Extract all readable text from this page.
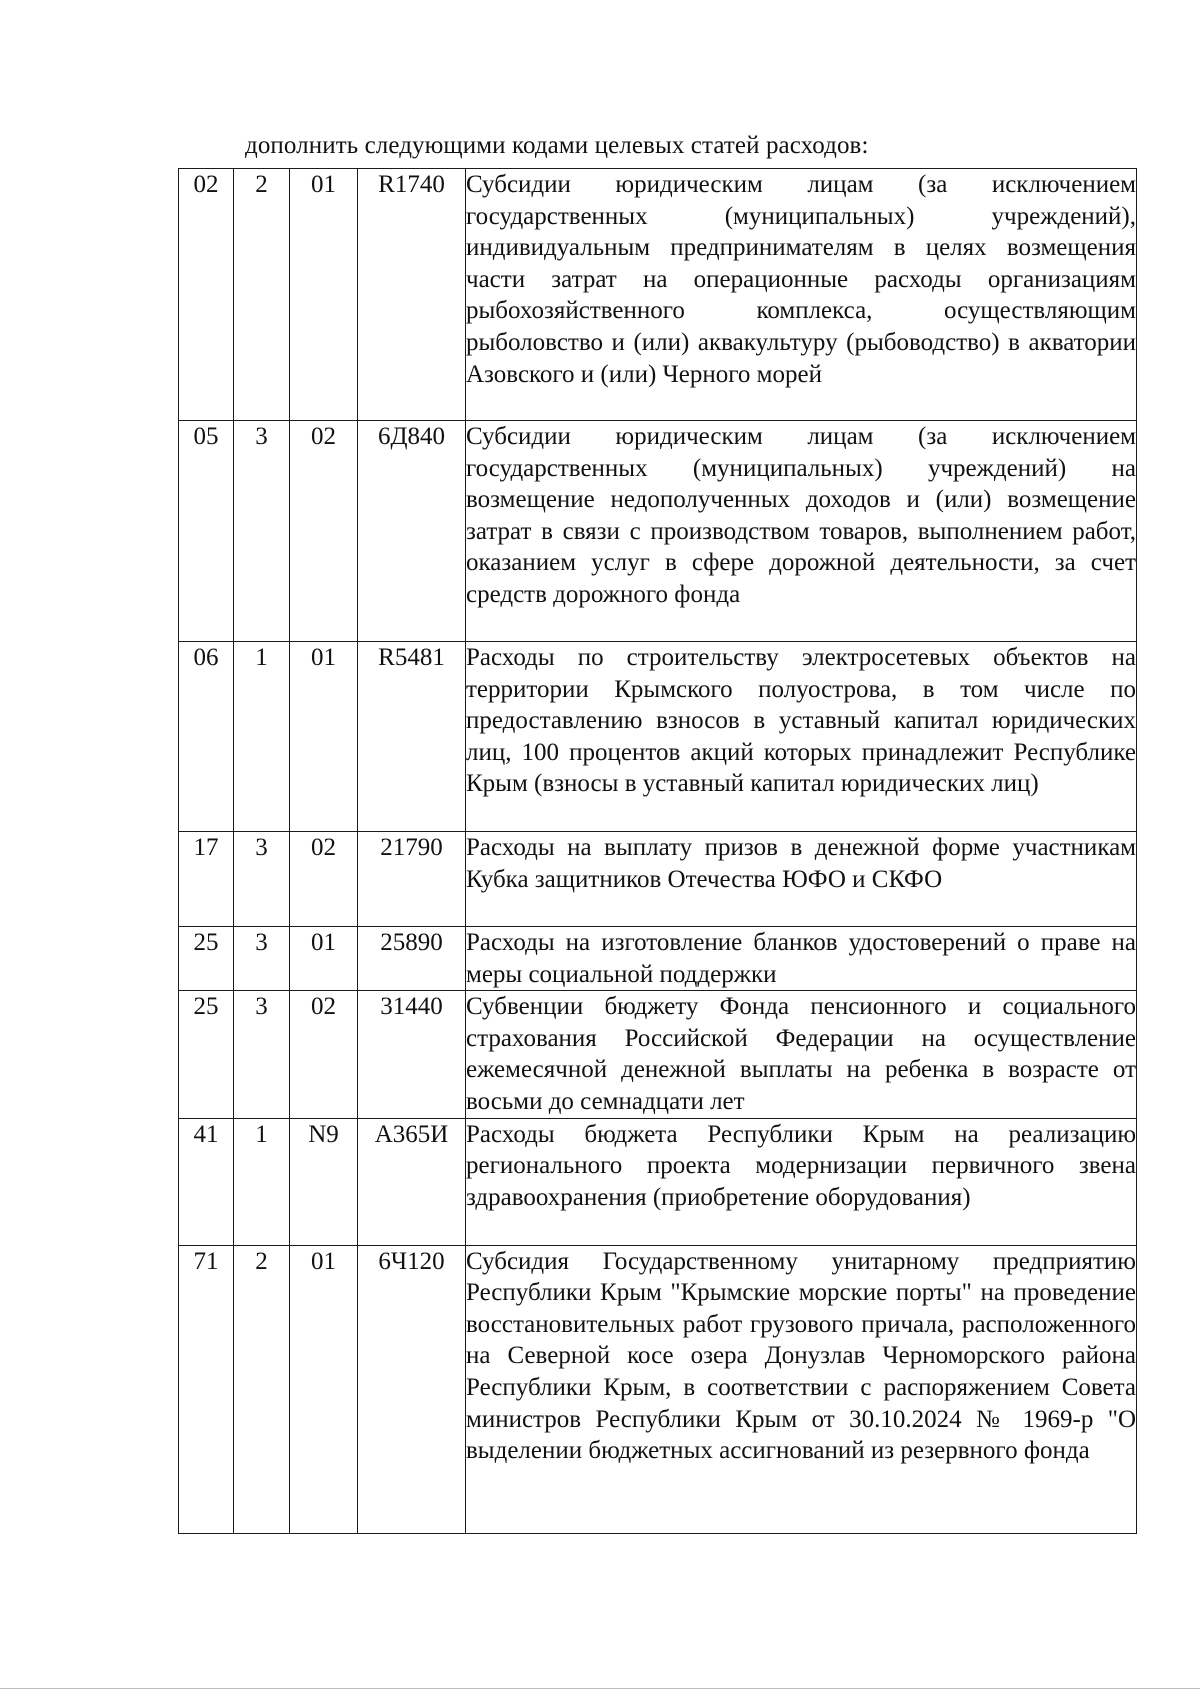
дополнить следующими кодами целевых статей расходов:
02	2	01	R1740	Субсидии юридическим лицам (за исключением государственных (муниципальных) учреждений), индивидуальным предпринимателям в целях возмещения части затрат на операционные расходы организациям рыбохозяйственного комплекса, осуществляющим рыболовство и (или) аквакультуру (рыбоводство) в акватории Азовского и (или) Черного морей
05	3	02	6Д840	Субсидии юридическим лицам (за исключением государственных (муниципальных) учреждений) на возмещение недополученных доходов и (или) возмещение затрат в связи с производством товаров, выполнением работ, оказанием услуг в сфере дорожной деятельности, за счет средств дорожного фонда
06	1	01	R5481	Расходы по строительству электросетевых объектов на территории Крымского полуострова, в том числе по предоставлению взносов в уставный капитал юридических лиц, 100 процентов акций которых принадлежит Республике Крым (взносы в уставный капитал юридических лиц)
17	3	02	21790	Расходы на выплату призов в денежной форме участникам Кубка защитников Отечества ЮФО и СКФО
25	3	01	25890	Расходы на изготовление бланков удостоверений о праве на меры социальной поддержки
25	3	02	31440	Субвенции бюджету Фонда пенсионного и социального страхования Российской Федерации на осуществление ежемесячной денежной выплаты на ребенка в возрасте от восьми до семнадцати лет
41	1	N9	А365И	Расходы бюджета Республики Крым на реализацию регионального проекта модернизации первичного звена здравоохранения (приобретение оборудования)
71	2	01	6Ч120	Субсидия Государственному унитарному предприятию Республики Крым "Крымские морские порты" на проведение восстановительных работ грузового причала, расположенного на Северной косе озера Донузлав Черноморского района Республики Крым, в соответствии с распоряжением Совета министров Республики Крым от 30.10.2024 № 1969-р "О выделении бюджетных ассигнований из резервного фонда
